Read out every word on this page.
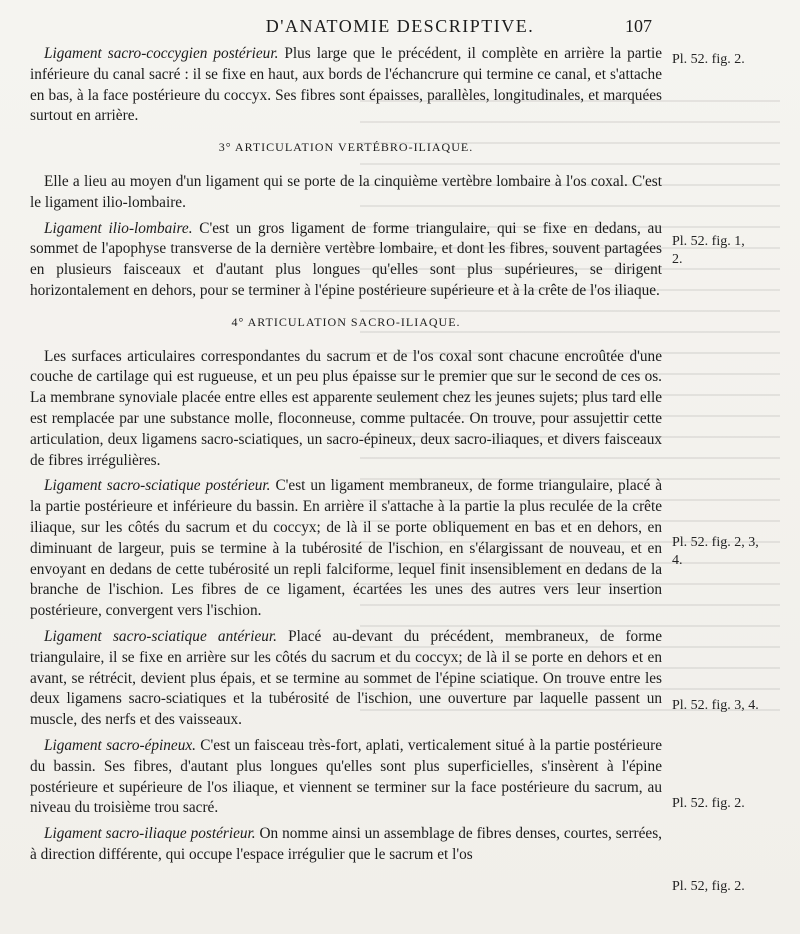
D'ANATOMIE DESCRIPTIVE.	107

Ligament sacro-coccygien postérieur. Plus large que le précédent, il complète en arrière la partie inférieure du canal sacré : il se fixe en haut, aux bords de l'échancrure qui termine ce canal, et s'attache en bas, à la face postérieure du coccyx. Ses fibres sont épaisses, parallèles, longitudinales, et marquées surtout en arrière.

3° ARTICULATION VERTÉBRO-ILIAQUE.

Elle a lieu au moyen d'un ligament qui se porte de la cinquième vertèbre lombaire à l'os coxal. C'est le ligament ilio-lombaire.

Ligament ilio-lombaire. C'est un gros ligament de forme triangulaire, qui se fixe en dedans, au sommet de l'apophyse transverse de la dernière vertèbre lombaire, et dont les fibres, souvent partagées en plusieurs faisceaux et d'autant plus longues qu'elles sont plus supérieures, se dirigent horizontalement en dehors, pour se terminer à l'épine postérieure supérieure et à la crête de l'os iliaque.

4° ARTICULATION SACRO-ILIAQUE.

Les surfaces articulaires correspondantes du sacrum et de l'os coxal sont chacune encroûtée d'une couche de cartilage qui est rugueuse, et un peu plus épaisse sur le premier que sur le second de ces os. La membrane synoviale placée entre elles est apparente seulement chez les jeunes sujets; plus tard elle est remplacée par une substance molle, floconneuse, comme pultacée. On trouve, pour assujettir cette articulation, deux ligamens sacro-sciatiques, un sacro-épineux, deux sacro-iliaques, et divers faisceaux de fibres irrégulières.

Ligament sacro-sciatique postérieur. C'est un ligament membraneux, de forme triangulaire, placé à la partie postérieure et inférieure du bassin. En arrière il s'attache à la partie la plus reculée de la crête iliaque, sur les côtés du sacrum et du coccyx; de là il se porte obliquement en bas et en dehors, en diminuant de largeur, puis se termine à la tubérosité de l'ischion, en s'élargissant de nouveau, et en envoyant en dedans de cette tubérosité un repli falciforme, lequel finit insensiblement en dedans de la branche de l'ischion. Les fibres de ce ligament, écartées les unes des autres vers leur insertion postérieure, convergent vers l'ischion.

Ligament sacro-sciatique antérieur. Placé au-devant du précédent, membraneux, de forme triangulaire, il se fixe en arrière sur les côtés du sacrum et du coccyx; de là il se porte en dehors et en avant, se rétrécit, devient plus épais, et se termine au sommet de l'épine sciatique. On trouve entre les deux ligamens sacro-sciatiques et la tubérosité de l'ischion, une ouverture par laquelle passent un muscle, des nerfs et des vaisseaux.

Ligament sacro-épineux. C'est un faisceau très-fort, aplati, verticalement situé à la partie postérieure du bassin. Ses fibres, d'autant plus longues qu'elles sont plus superficielles, s'insèrent à l'épine postérieure et supérieure de l'os iliaque, et viennent se terminer sur la face postérieure du sacrum, au niveau du troisième trou sacré.

Ligament sacro-iliaque postérieur. On nomme ainsi un assemblage de fibres denses, courtes, serrées, à direction différente, qui occupe l'espace irrégulier que le sacrum et l'os

Pl. 52. fig. 2.
Pl. 52. fig. 1, 2.
Pl. 52. fig. 2, 3, 4.
Pl. 52. fig. 3, 4.
Pl. 52. fig. 2.
Pl. 52, fig. 2.
